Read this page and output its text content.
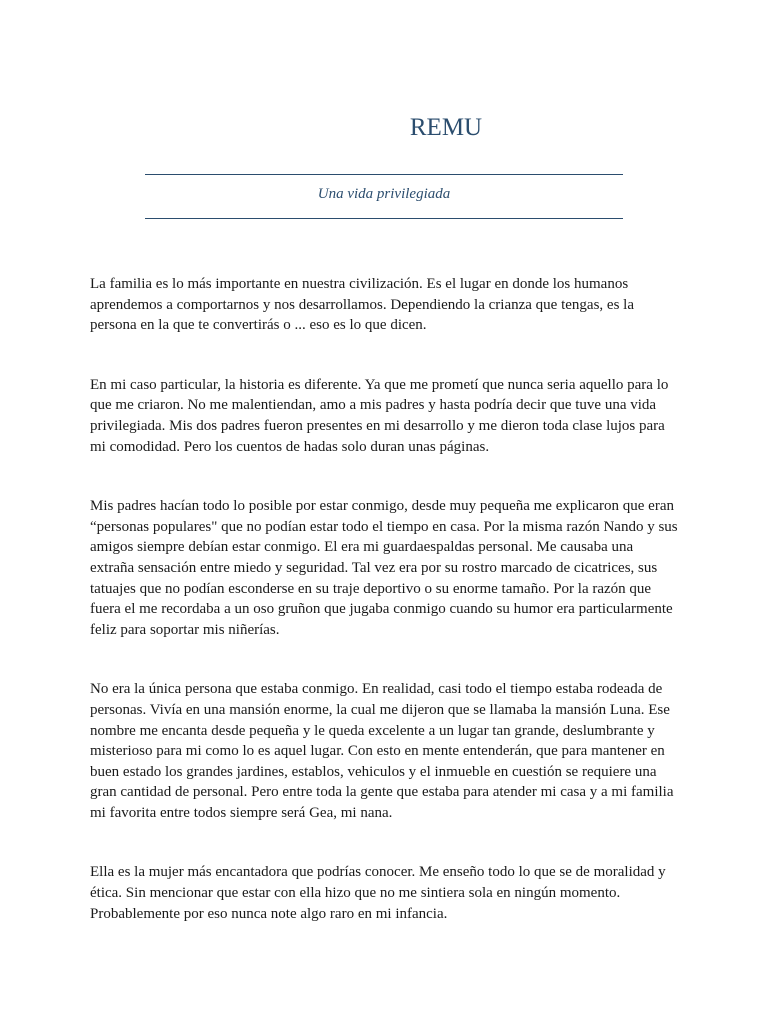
REMU
Una vida privilegiada

La familia es lo más importante en nuestra civilización. Es el lugar en donde los humanos aprendemos a comportarnos y nos desarrollamos. Dependiendo la crianza que tengas, es la persona en la que te convertirás o ... eso es lo que dicen.

En mi caso particular, la historia es diferente. Ya que me prometí que nunca seria aquello para lo que me criaron. No me malentiendan, amo a mis padres y hasta podría decir que tuve una vida privilegiada. Mis dos padres fueron presentes en mi desarrollo y me dieron toda clase lujos para mi comodidad. Pero los cuentos de hadas solo duran unas páginas.

Mis padres hacían todo lo posible por estar conmigo, desde muy pequeña me explicaron que eran “personas populares" que no podían estar todo el tiempo en casa. Por la misma razón Nando y sus amigos siempre debían estar conmigo. El era mi guardaespaldas personal. Me causaba una extraña sensación entre miedo y seguridad. Tal vez era por su rostro marcado de cicatrices, sus tatuajes que no podían esconderse en su traje deportivo o su enorme tamaño. Por la razón que fuera el me recordaba a un oso gruñon que jugaba conmigo cuando su humor era particularmente feliz para soportar mis niñerías.

No era la única persona que estaba conmigo. En realidad, casi todo el tiempo estaba rodeada de personas. Vivía en una mansión enorme, la cual me dijeron que se llamaba la mansión Luna. Ese nombre me encanta desde pequeña y le queda excelente a un lugar tan grande, deslumbrante y misterioso para mi como lo es aquel lugar. Con esto en mente entenderán, que para mantener en buen estado los grandes jardines, establos, vehiculos y el inmueble en cuestión se requiere una gran cantidad de personal. Pero entre toda la gente que estaba para atender mi casa y a mi familia mi favorita entre todos siempre será Gea, mi nana.

Ella es la mujer más encantadora que podrías conocer. Me enseño todo lo que se de moralidad y ética. Sin mencionar que estar con ella hizo que no me sintiera sola en ningún momento. Probablemente por eso nunca note algo raro en mi infancia.
